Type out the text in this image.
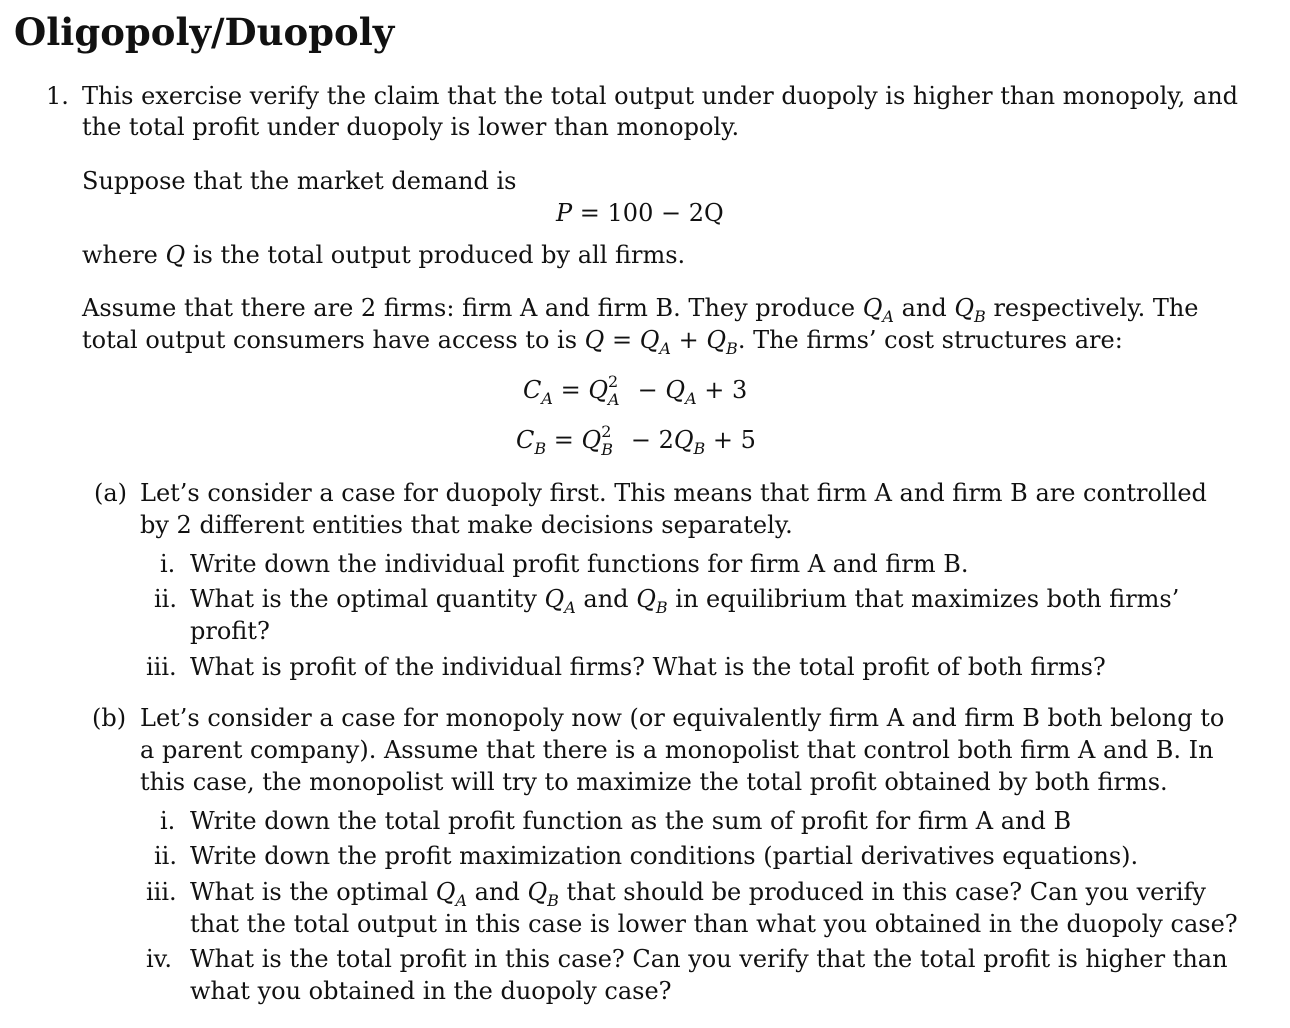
Oligopoly/Duopoly
1. This exercise verify the claim that the total output under duopoly is higher than monopoly, and
the total profit under duopoly is lower than monopoly.
Suppose that the market demand is
P = 100 − 2Q
where Q is the total output produced by all firms.
Assume that there are 2 firms: firm A and firm B. They produce $Q_A$ and $Q_B$ respectively. The
total output consumers have access to is $Q = Q_A + Q_B$. The firms’ cost structures are:
$C_A = Q$ 2
$A - Q_A + 3$
$C_B = Q$ 2
$B - 2Q_B + 5$
(a) Let’s consider a case for duopoly first. This means that firm A and firm B are controlled
by 2 different entities that make decisions separately.
i. Write down the individual profit functions for firm A and firm B.
ii. What is the optimal quantity $Q_A$ and $Q_B$ in equilibrium that maximizes both firms’
profit?
iii. What is profit of the individual firms? What is the total profit of both firms?
(b) Let’s consider a case for monopoly now (or equivalently firm A and firm B both belong to
a parent company). Assume that there is a monopolist that control both firm A and B. In
this case, the monopolist will try to maximize the total profit obtained by both firms.
i. Write down the total profit function as the sum of profit for firm A and B
ii. Write down the profit maximization conditions (partial derivatives equations).
iii. What is the optimal $Q_A$ and $Q_B$ that should be produced in this case? Can you verify
that the total output in this case is lower than what you obtained in the duopoly case?
iv. What is the total profit in this case? Can you verify that the total profit is higher than
what you obtained in the duopoly case?
